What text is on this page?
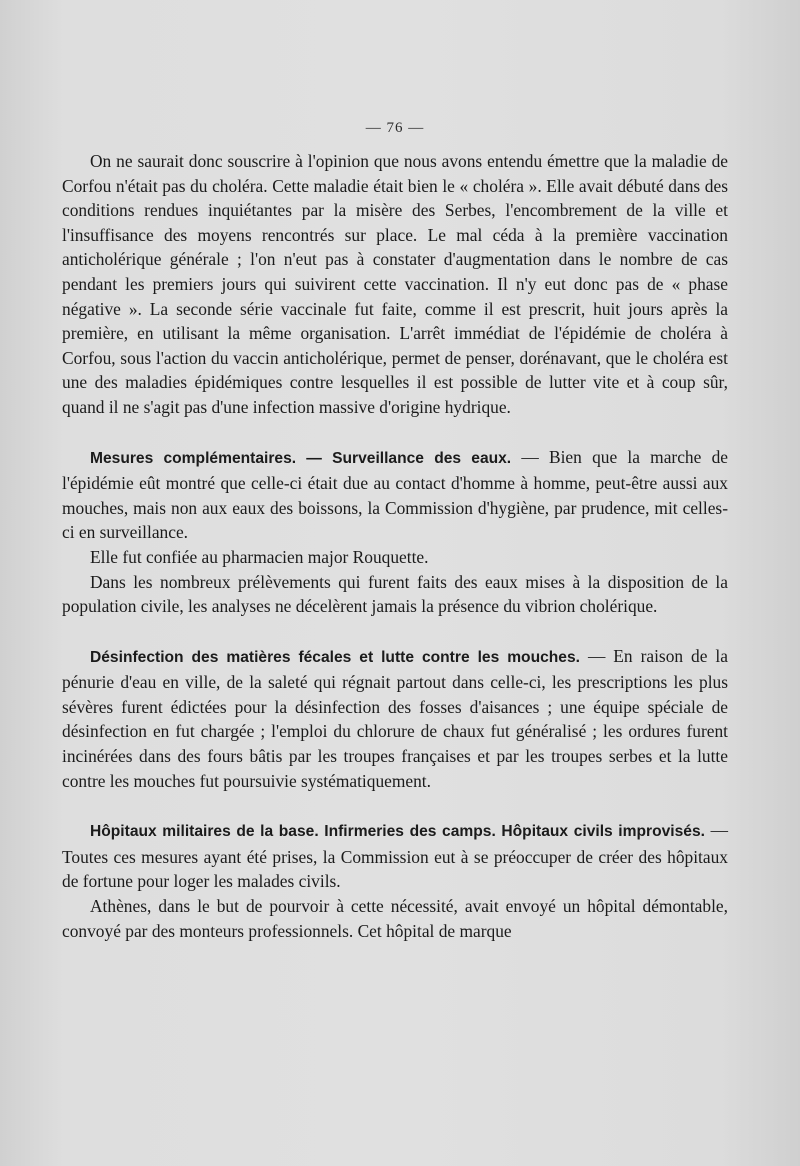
— 76 —

On ne saurait donc souscrire à l'opinion que nous avons entendu émettre que la maladie de Corfou n'était pas du choléra. Cette maladie était bien le « choléra ». Elle avait débuté dans des conditions rendues inquiétantes par la misère des Serbes, l'encombrement de la ville et l'insuffisance des moyens rencontrés sur place. Le mal céda à la première vaccination anticholérique générale ; l'on n'eut pas à constater d'augmentation dans le nombre de cas pendant les premiers jours qui suivirent cette vaccination. Il n'y eut donc pas de « phase négative ». La seconde série vaccinale fut faite, comme il est prescrit, huit jours après la première, en utilisant la même organisation. L'arrêt immédiat de l'épidémie de choléra à Corfou, sous l'action du vaccin anticholérique, permet de penser, dorénavant, que le choléra est une des maladies épidémiques contre lesquelles il est possible de lutter vite et à coup sûr, quand il ne s'agit pas d'une infection massive d'origine hydrique.

Mesures complémentaires. — Surveillance des eaux. — Bien que la marche de l'épidémie eût montré que celle-ci était due au contact d'homme à homme, peut-être aussi aux mouches, mais non aux eaux des boissons, la Commission d'hygiène, par prudence, mit celles-ci en surveillance.

Elle fut confiée au pharmacien major Rouquette.

Dans les nombreux prélèvements qui furent faits des eaux mises à la disposition de la population civile, les analyses ne décelèrent jamais la présence du vibrion cholérique.

Désinfection des matières fécales et lutte contre les mouches. — En raison de la pénurie d'eau en ville, de la saleté qui régnait partout dans celle-ci, les prescriptions les plus sévères furent édictées pour la désinfection des fosses d'aisances ; une équipe spéciale de désinfection en fut chargée ; l'emploi du chlorure de chaux fut généralisé ; les ordures furent incinérées dans des fours bâtis par les troupes françaises et par les troupes serbes et la lutte contre les mouches fut poursuivie systématiquement.

Hôpitaux militaires de la base. Infirmeries des camps. Hôpitaux civils improvisés. — Toutes ces mesures ayant été prises, la Commission eut à se préoccuper de créer des hôpitaux de fortune pour loger les malades civils.

Athènes, dans le but de pourvoir à cette nécessité, avait envoyé un hôpital démontable, convoyé par des monteurs professionnels. Cet hôpital de marque
